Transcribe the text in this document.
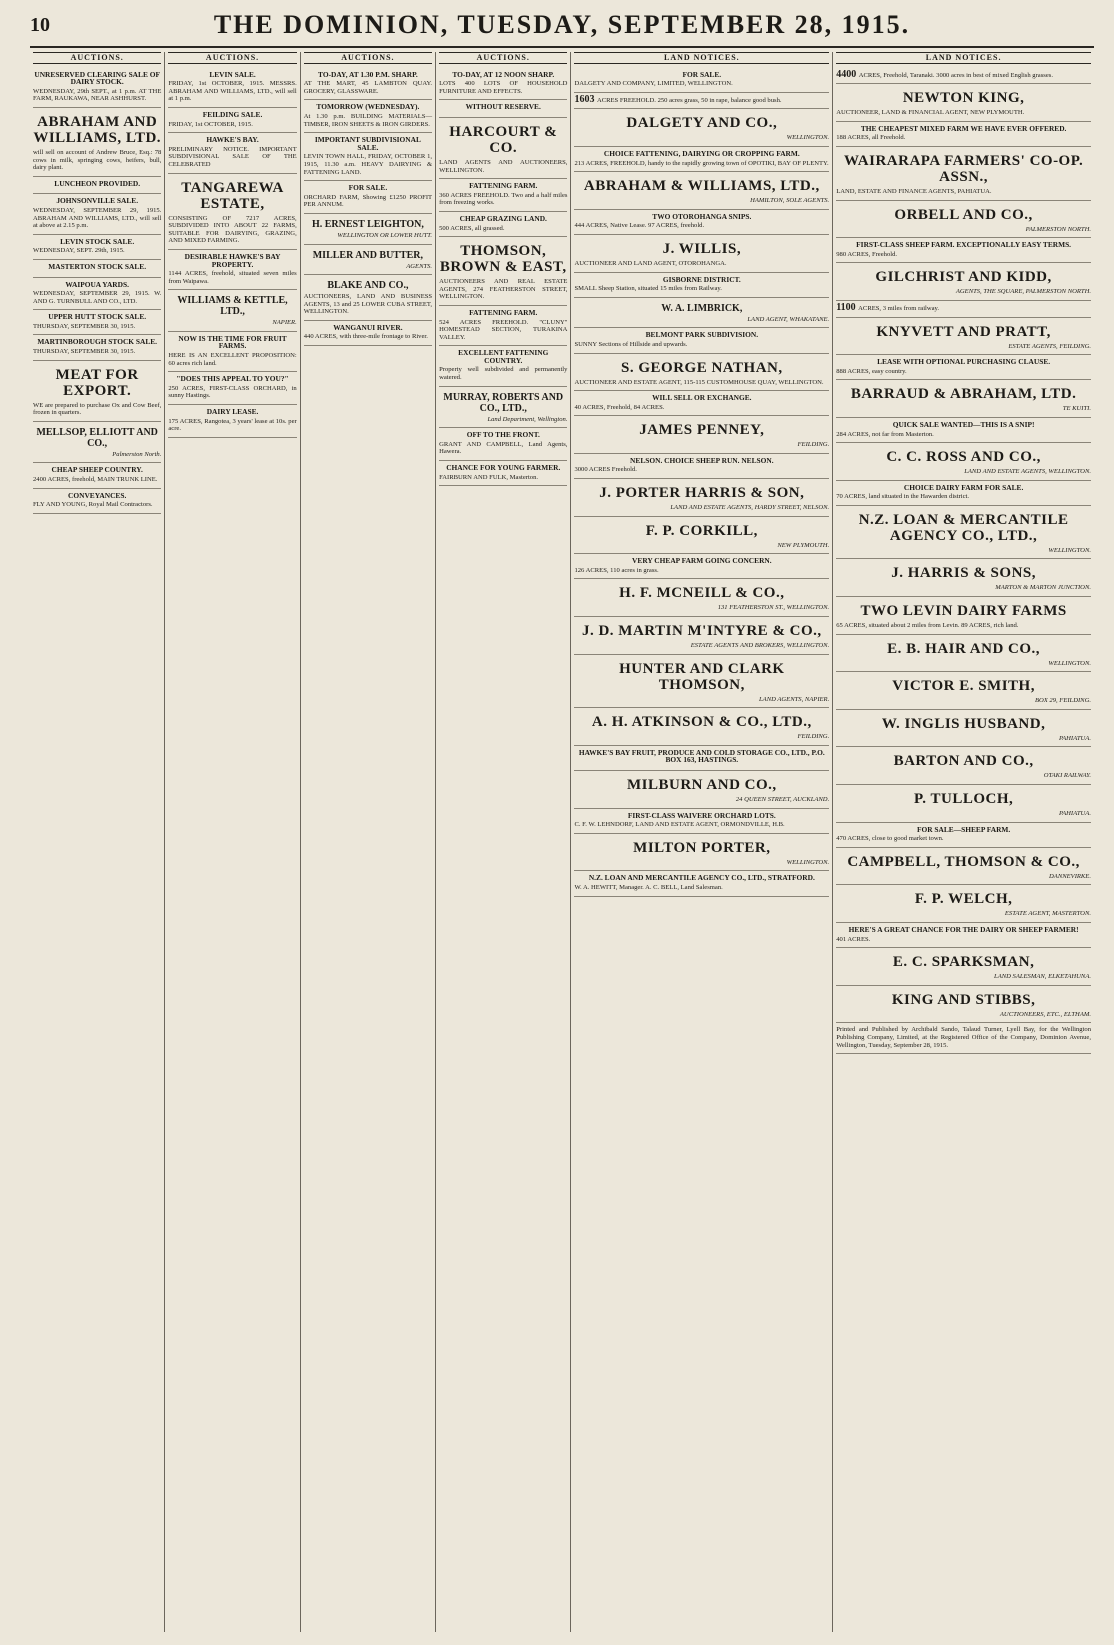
10	THE DOMINION, TUESDAY, SEPTEMBER 28, 1915.
AUCTIONS.
UNRESERVED CLEARING SALE OF DAIRY STOCK.

WEDNESDAY, 29th SEPT., at 1 p.m. AT THE FARM, RAUKAWA, NEAR ASHHURST.

ABRAHAM AND WILLIAMS, LTD.

will sell on account of Andrew Bruce, Esq.: 78 cows in milk, springing cows, heifers, bull, dairy plant.

LUNCHEON PROVIDED.
JOHNSONVILLE SALE.

WEDNESDAY, SEPTEMBER 29, 1915. ABRAHAM AND WILLIAMS, LTD., will sell at above at 2.15 p.m.

LEVIN STOCK SALE.

WEDNESDAY, SEPT. 29th, 1915.

MASTERTON STOCK SALE.
WAIPOUA YARDS.

WEDNESDAY, SEPTEMBER 29, 1915. W. AND G. TURNBULL AND CO., LTD.

UPPER HUTT STOCK SALE.

THURSDAY, SEPTEMBER 30, 1915.

MARTINBOROUGH STOCK SALE.

THURSDAY, SEPTEMBER 30, 1915.

MEAT FOR EXPORT.

WE are prepared to purchase Ox and Cow Beef, frozen in quarters.

MELLSOP, ELLIOTT AND CO.,
Palmerston North.
CHEAP SHEEP COUNTRY.

2400 ACRES, freehold, MAIN TRUNK LINE.

CONVEYANCES.

FLY AND YOUNG, Royal Mail Contractors.

AUCTIONS.
LEVIN SALE.

FRIDAY, 1st OCTOBER, 1915. MESSRS. ABRAHAM AND WILLIAMS, LTD., will sell at 1 p.m.

FEILDING SALE.

FRIDAY, 1st OCTOBER, 1915.

HAWKE'S BAY.

PRELIMINARY NOTICE. IMPORTANT SUBDIVISIONAL SALE OF THE CELEBRATED

TANGAREWA ESTATE,

CONSISTING OF 7217 ACRES, SUBDIVIDED INTO ABOUT 22 FARMS, SUITABLE FOR DAIRYING, GRAZING, AND MIXED FARMING.

DESIRABLE HAWKE'S BAY PROPERTY.

1144 ACRES, freehold, situated seven miles from Waipawa.

WILLIAMS & KETTLE, LTD.,
NAPIER.
NOW IS THE TIME FOR FRUIT FARMS.

HERE IS AN EXCELLENT PROPOSITION: 60 acres rich land.

"DOES THIS APPEAL TO YOU?"

250 ACRES, FIRST-CLASS ORCHARD, in sunny Hastings.

DAIRY LEASE.

175 ACRES, Rangotea, 3 years' lease at 10s. per acre.

AUCTIONS.
TO-DAY, AT 1.30 P.M. SHARP.

AT THE MART, 45 LAMBTON QUAY. GROCERY, GLASSWARE.

TOMORROW (WEDNESDAY).

At 1.30 p.m. BUILDING MATERIALS—TIMBER, IRON SHEETS & IRON GIRDERS.

IMPORTANT SUBDIVISIONAL SALE.

LEVIN TOWN HALL, FRIDAY, OCTOBER 1, 1915, 11.30 a.m. HEAVY DAIRYING & FATTENING LAND.

FOR SALE.

ORCHARD FARM, Showing £1250 PROFIT PER ANNUM.

H. ERNEST LEIGHTON,
WELLINGTON OR LOWER HUTT.
MILLER AND BUTTER,
AGENTS.
BLAKE AND CO.,

AUCTIONEERS, LAND AND BUSINESS AGENTS, 13 and 25 LOWER CUBA STREET, WELLINGTON.

WANGANUI RIVER.

440 ACRES, with three-mile frontage to River.

AUCTIONS.
TO-DAY, AT 12 NOON SHARP.

LOTS 400 LOTS OF HOUSEHOLD FURNITURE AND EFFECTS.

WITHOUT RESERVE.
HARCOURT & CO.

LAND AGENTS AND AUCTIONEERS, WELLINGTON.

FATTENING FARM.

360 ACRES FREEHOLD. Two and a half miles from freezing works.

CHEAP GRAZING LAND.

500 ACRES, all grassed.

THOMSON, BROWN & EAST,

AUCTIONEERS AND REAL ESTATE AGENTS, 274 FEATHERSTON STREET, WELLINGTON.

FATTENING FARM.

524 ACRES FREEHOLD. "CLUNY" HOMESTEAD SECTION, TURAKINA VALLEY.

EXCELLENT FATTENING COUNTRY.

Property well subdivided and permanently watered.

MURRAY, ROBERTS AND CO., LTD.,
Land Department, Wellington.
OFF TO THE FRONT.

GRANT AND CAMPBELL, Land Agents, Hawera.

CHANCE FOR YOUNG FARMER.

FAIRBURN AND FULK, Masterton.

LAND NOTICES.
FOR SALE.

DALGETY AND COMPANY, LIMITED, WELLINGTON.

1603 ACRES FREEHOLD. 250 acres grass, 50 in rape, balance good bush.

DALGETY AND CO.,
WELLINGTON.
CHOICE FATTENING, DAIRYING OR CROPPING FARM.

213 ACRES, FREEHOLD, handy to the rapidly growing town of OPOTIKI, BAY OF PLENTY.

ABRAHAM & WILLIAMS, LTD.,
HAMILTON, SOLE AGENTS.
TWO OTOROHANGA SNIPS.

444 ACRES, Native Lease. 97 ACRES, freehold.

J. WILLIS,

AUCTIONEER AND LAND AGENT, OTOROHANGA.

GISBORNE DISTRICT.

SMALL Sheep Station, situated 15 miles from Railway.

W. A. LIMBRICK,
LAND AGENT, WHAKATANE.
BELMONT PARK SUBDIVISION.

SUNNY Sections of Hillside and upwards.

S. GEORGE NATHAN,

AUCTIONEER AND ESTATE AGENT, 115-115 CUSTOMHOUSE QUAY, WELLINGTON.

WILL SELL OR EXCHANGE.

40 ACRES, Freehold, 84 ACRES.

JAMES PENNEY,
FEILDING.
NELSON. CHOICE SHEEP RUN. NELSON.

3000 ACRES Freehold.

J. PORTER HARRIS & SON,
LAND AND ESTATE AGENTS, HARDY STREET, NELSON.
F. P. CORKILL,
NEW PLYMOUTH.
VERY CHEAP FARM GOING CONCERN.

126 ACRES, 110 acres in grass.

H. F. MCNEILL & CO.,
131 FEATHERSTON ST., WELLINGTON.
J. D. MARTIN M'INTYRE & CO.,
ESTATE AGENTS AND BROKERS, WELLINGTON.
HUNTER AND CLARK THOMSON,
LAND AGENTS, NAPIER.
A. H. ATKINSON & CO., LTD.,
FEILDING.
HAWKE'S BAY FRUIT, PRODUCE AND COLD STORAGE CO., LTD., P.O. BOX 163, HASTINGS.
MILBURN AND CO.,
24 QUEEN STREET, AUCKLAND.
FIRST-CLASS WAIVERE ORCHARD LOTS.

C. F. W. LEHNDORF, LAND AND ESTATE AGENT, ORMONDVILLE, H.B.

MILTON PORTER,
WELLINGTON.
N.Z. LOAN AND MERCANTILE AGENCY CO., LTD., STRATFORD.

W. A. HEWITT, Manager. A. C. BELL, Land Salesman.

LAND NOTICES.

4400 ACRES, Freehold, Taranaki. 3000 acres in best of mixed English grasses.

NEWTON KING,

AUCTIONEER, LAND & FINANCIAL AGENT, NEW PLYMOUTH.

THE CHEAPEST MIXED FARM WE HAVE EVER OFFERED.

188 ACRES, all Freehold.

WAIRARAPA FARMERS' CO-OP. ASSN.,

LAND, ESTATE AND FINANCE AGENTS, PAHIATUA.

ORBELL AND CO.,
PALMERSTON NORTH.
FIRST-CLASS SHEEP FARM. EXCEPTIONALLY EASY TERMS.

980 ACRES, Freehold.

GILCHRIST AND KIDD,
AGENTS, THE SQUARE, PALMERSTON NORTH.

1100 ACRES, 3 miles from railway.

KNYVETT AND PRATT,
ESTATE AGENTS, FEILDING.
LEASE WITH OPTIONAL PURCHASING CLAUSE.

888 ACRES, easy country.

BARRAUD & ABRAHAM, LTD.
TE KUITI.
QUICK SALE WANTED—THIS IS A SNIP!

284 ACRES, not far from Masterton.

C. C. ROSS AND CO.,
LAND AND ESTATE AGENTS, WELLINGTON.
CHOICE DAIRY FARM FOR SALE.

70 ACRES, land situated in the Hawarden district.

N.Z. LOAN & MERCANTILE AGENCY CO., LTD.,
WELLINGTON.
J. HARRIS & SONS,
MARTON & MARTON JUNCTION.
TWO LEVIN DAIRY FARMS

65 ACRES, situated about 2 miles from Levin. 89 ACRES, rich land.

E. B. HAIR AND CO.,
WELLINGTON.
VICTOR E. SMITH,
BOX 29, FEILDING.
W. INGLIS HUSBAND,
PAHIATUA.
BARTON AND CO.,
OTAKI RAILWAY.
P. TULLOCH,
PAHIATUA.
FOR SALE—SHEEP FARM.

470 ACRES, close to good market town.

CAMPBELL, THOMSON & CO.,
DANNEVIRKE.
F. P. WELCH,
ESTATE AGENT, MASTERTON.
HERE'S A GREAT CHANCE FOR THE DAIRY OR SHEEP FARMER!

401 ACRES.

E. C. SPARKSMAN,
LAND SALESMAN, ELKETAHUNA.
KING AND STIBBS,
AUCTIONEERS, ETC., ELTHAM.

Printed and Published by Archibald Sando, Talaud Turner, Lyell Bay, for the Wellington Publishing Company, Limited, at the Registered Office of the Company, Dominion Avenue, Wellington, Tuesday, September 28, 1915.
